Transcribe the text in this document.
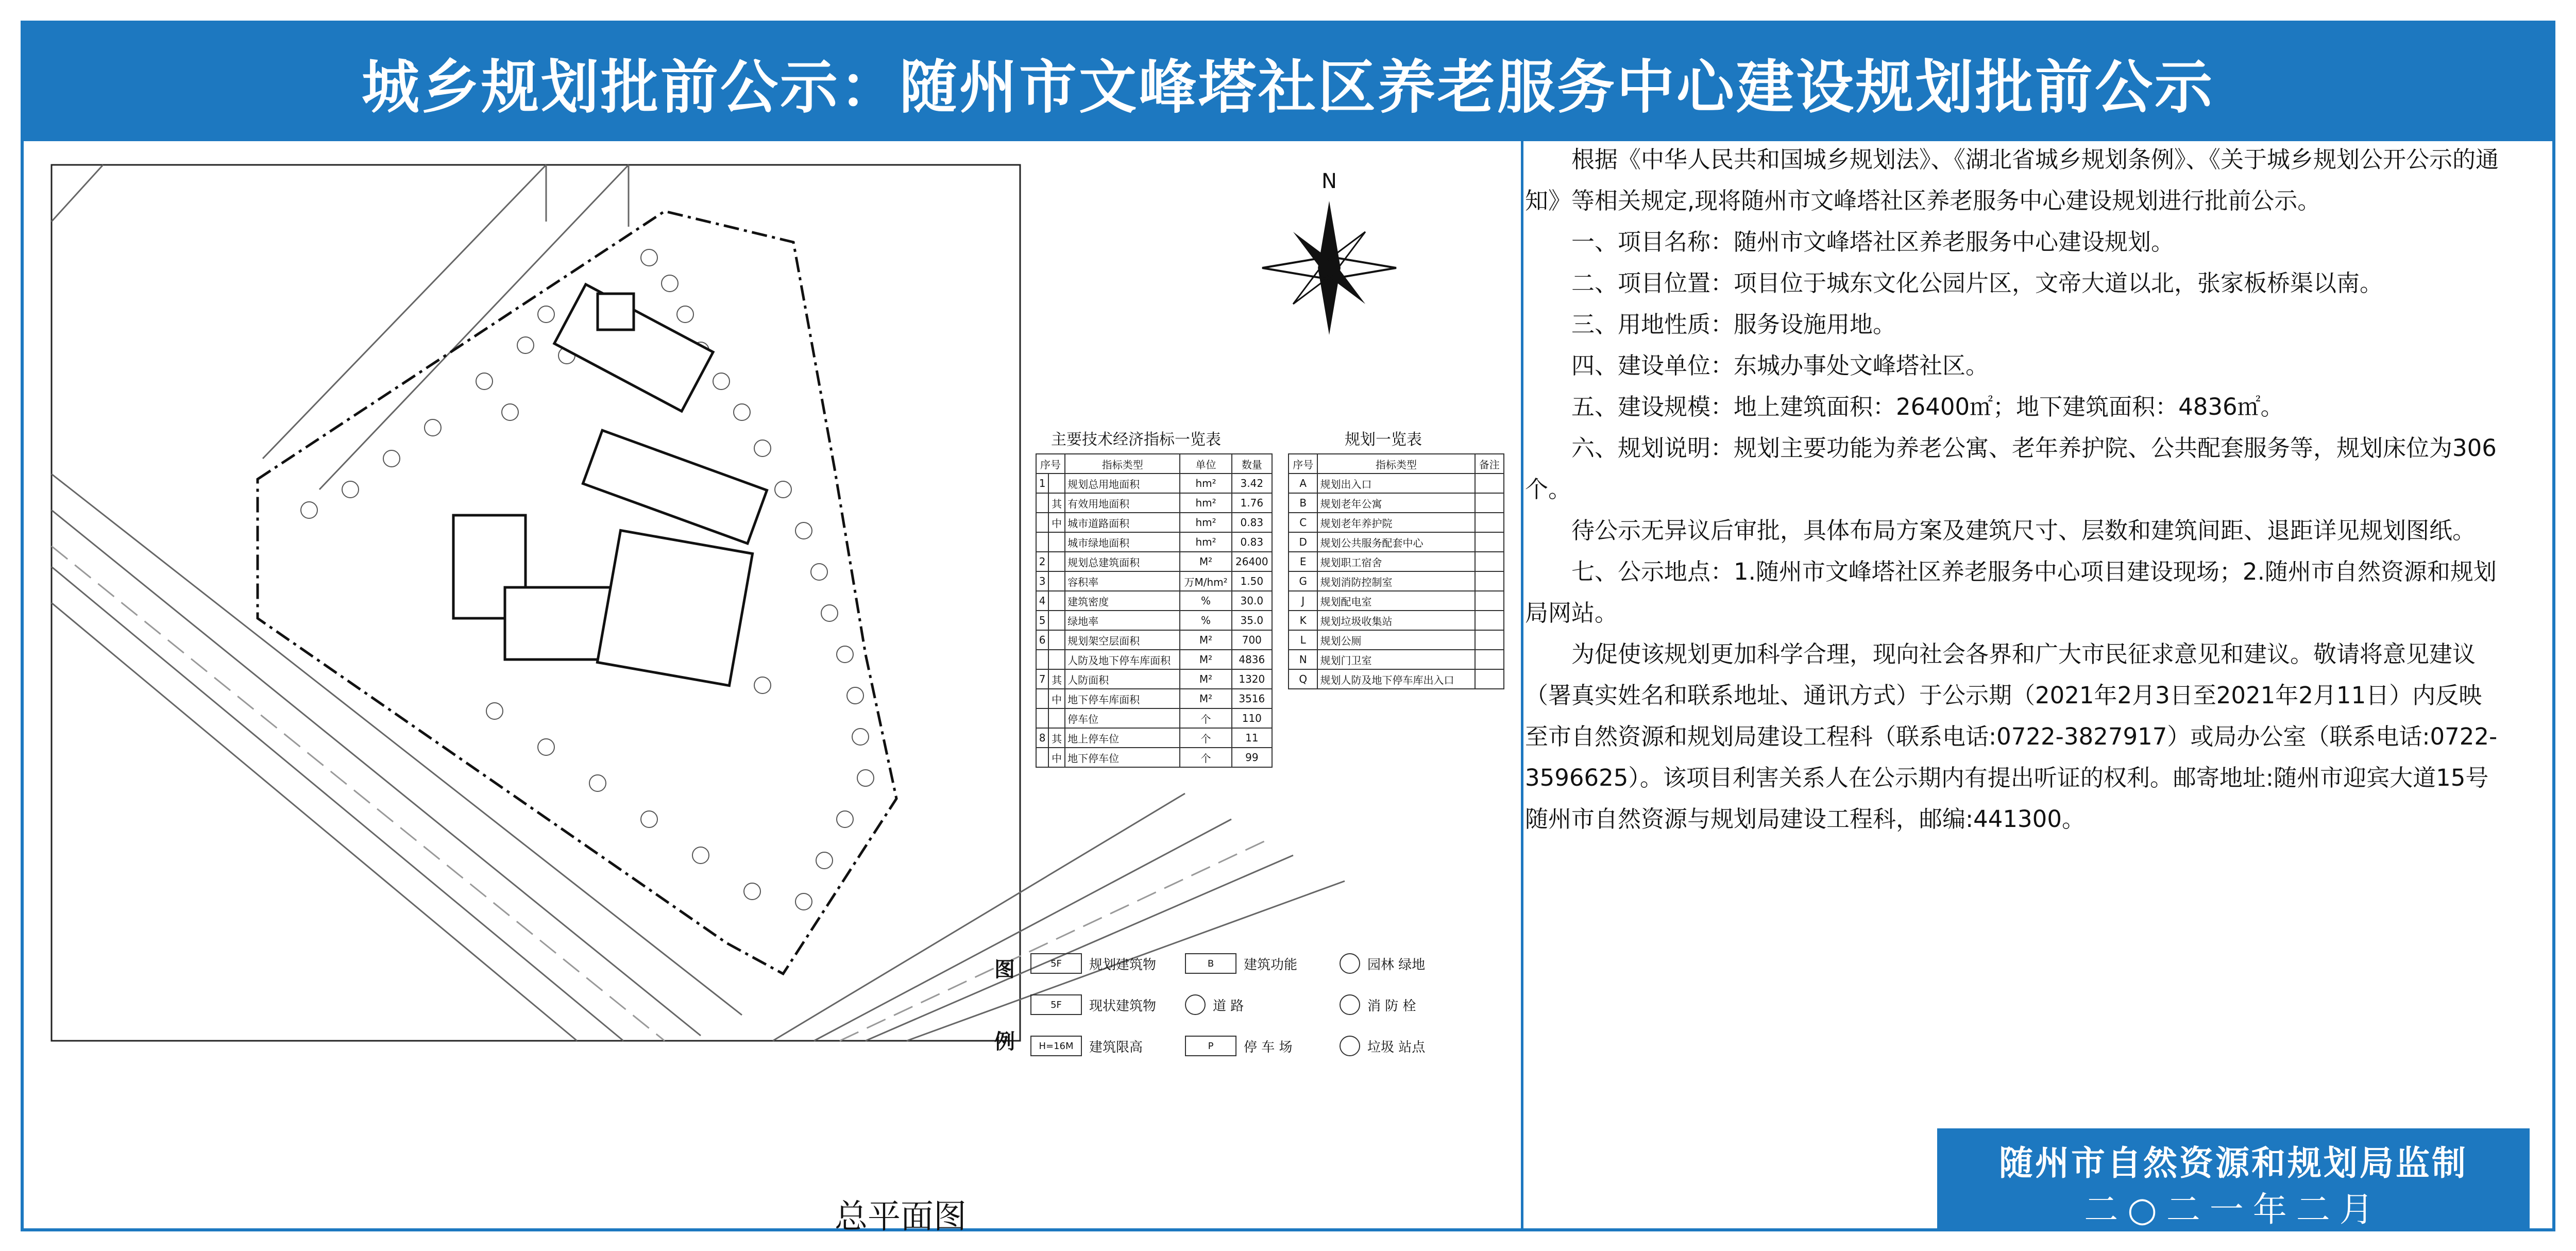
城乡规划批前公示：随州市文峰塔社区养老服务中心建设规划批前公示
N
总平面图
主要技术经济指标一览表
序号		指标类型	单位	数量
1		规划总用地面积	hm²	3.42
	其	有效用地面积	hm²	1.76
	中	城市道路面积	hm²	0.83
		城市绿地面积	hm²	0.83
2		规划总建筑面积	M²	26400
3		容积率	万M/hm²	1.50
4		建筑密度	%	30.0
5		绿地率	%	35.0
6		规划架空层面积	M²	700
		人防及地下停车库面积	M²	4836
7	其	人防面积	M²	1320
	中	地下停车库面积	M²	3516
		停车位	个	110
8	其	地上停车位	个	11
	中	地下停车位	个	99
规划一览表
序号	指标类型	备注
A	规划出入口	
B	规划老年公寓	
C	规划老年养护院	
D	规划公共服务配套中心	
E	规划职工宿舍	
G	规划消防控制室	
J	规划配电室	
K	规划垃圾收集站	
L	规划公厕	
N	规划门卫室	
Q	规划人防及地下停车库出入口	
图
例
5F	规划建筑物	B	建筑功能	园林 绿地
5F	现状建筑物	道 路	消 防 栓
H=16M	建筑限高	P	停 车 场	垃圾 站点

根据《中华人民共和国城乡规划法》、《湖北省城乡规划条例》、《关于城乡规划公开公示的通知》等相关规定,现将随州市文峰塔社区养老服务中心建设规划进行批前公示。

一、项目名称：随州市文峰塔社区养老服务中心建设规划。

二、项目位置：项目位于城东文化公园片区，文帝大道以北，张家板桥渠以南。

三、用地性质：服务设施用地。

四、建设单位：东城办事处文峰塔社区。

五、建设规模：地上建筑面积：26400㎡；地下建筑面积：4836㎡。

六、规划说明：规划主要功能为养老公寓、老年养护院、公共配套服务等，规划床位为306个。

待公示无异议后审批，具体布局方案及建筑尺寸、层数和建筑间距、退距详见规划图纸。

七、公示地点：1.随州市文峰塔社区养老服务中心项目建设现场；2.随州市自然资源和规划局网站。

为促使该规划更加科学合理，现向社会各界和广大市民征求意见和建议。敬请将意见建议（署真实姓名和联系地址、通讯方式）于公示期（2021年2月3日至2021年2月11日）内反映至市自然资源和规划局建设工程科（联系电话:0722-3827917）或局办公室（联系电话:0722-3596625）。该项目利害关系人在公示期内有提出听证的权利。邮寄地址:随州市迎宾大道15号随州市自然资源与规划局建设工程科，邮编:441300。

随州市自然资源和规划局监制
二○二一年二月
